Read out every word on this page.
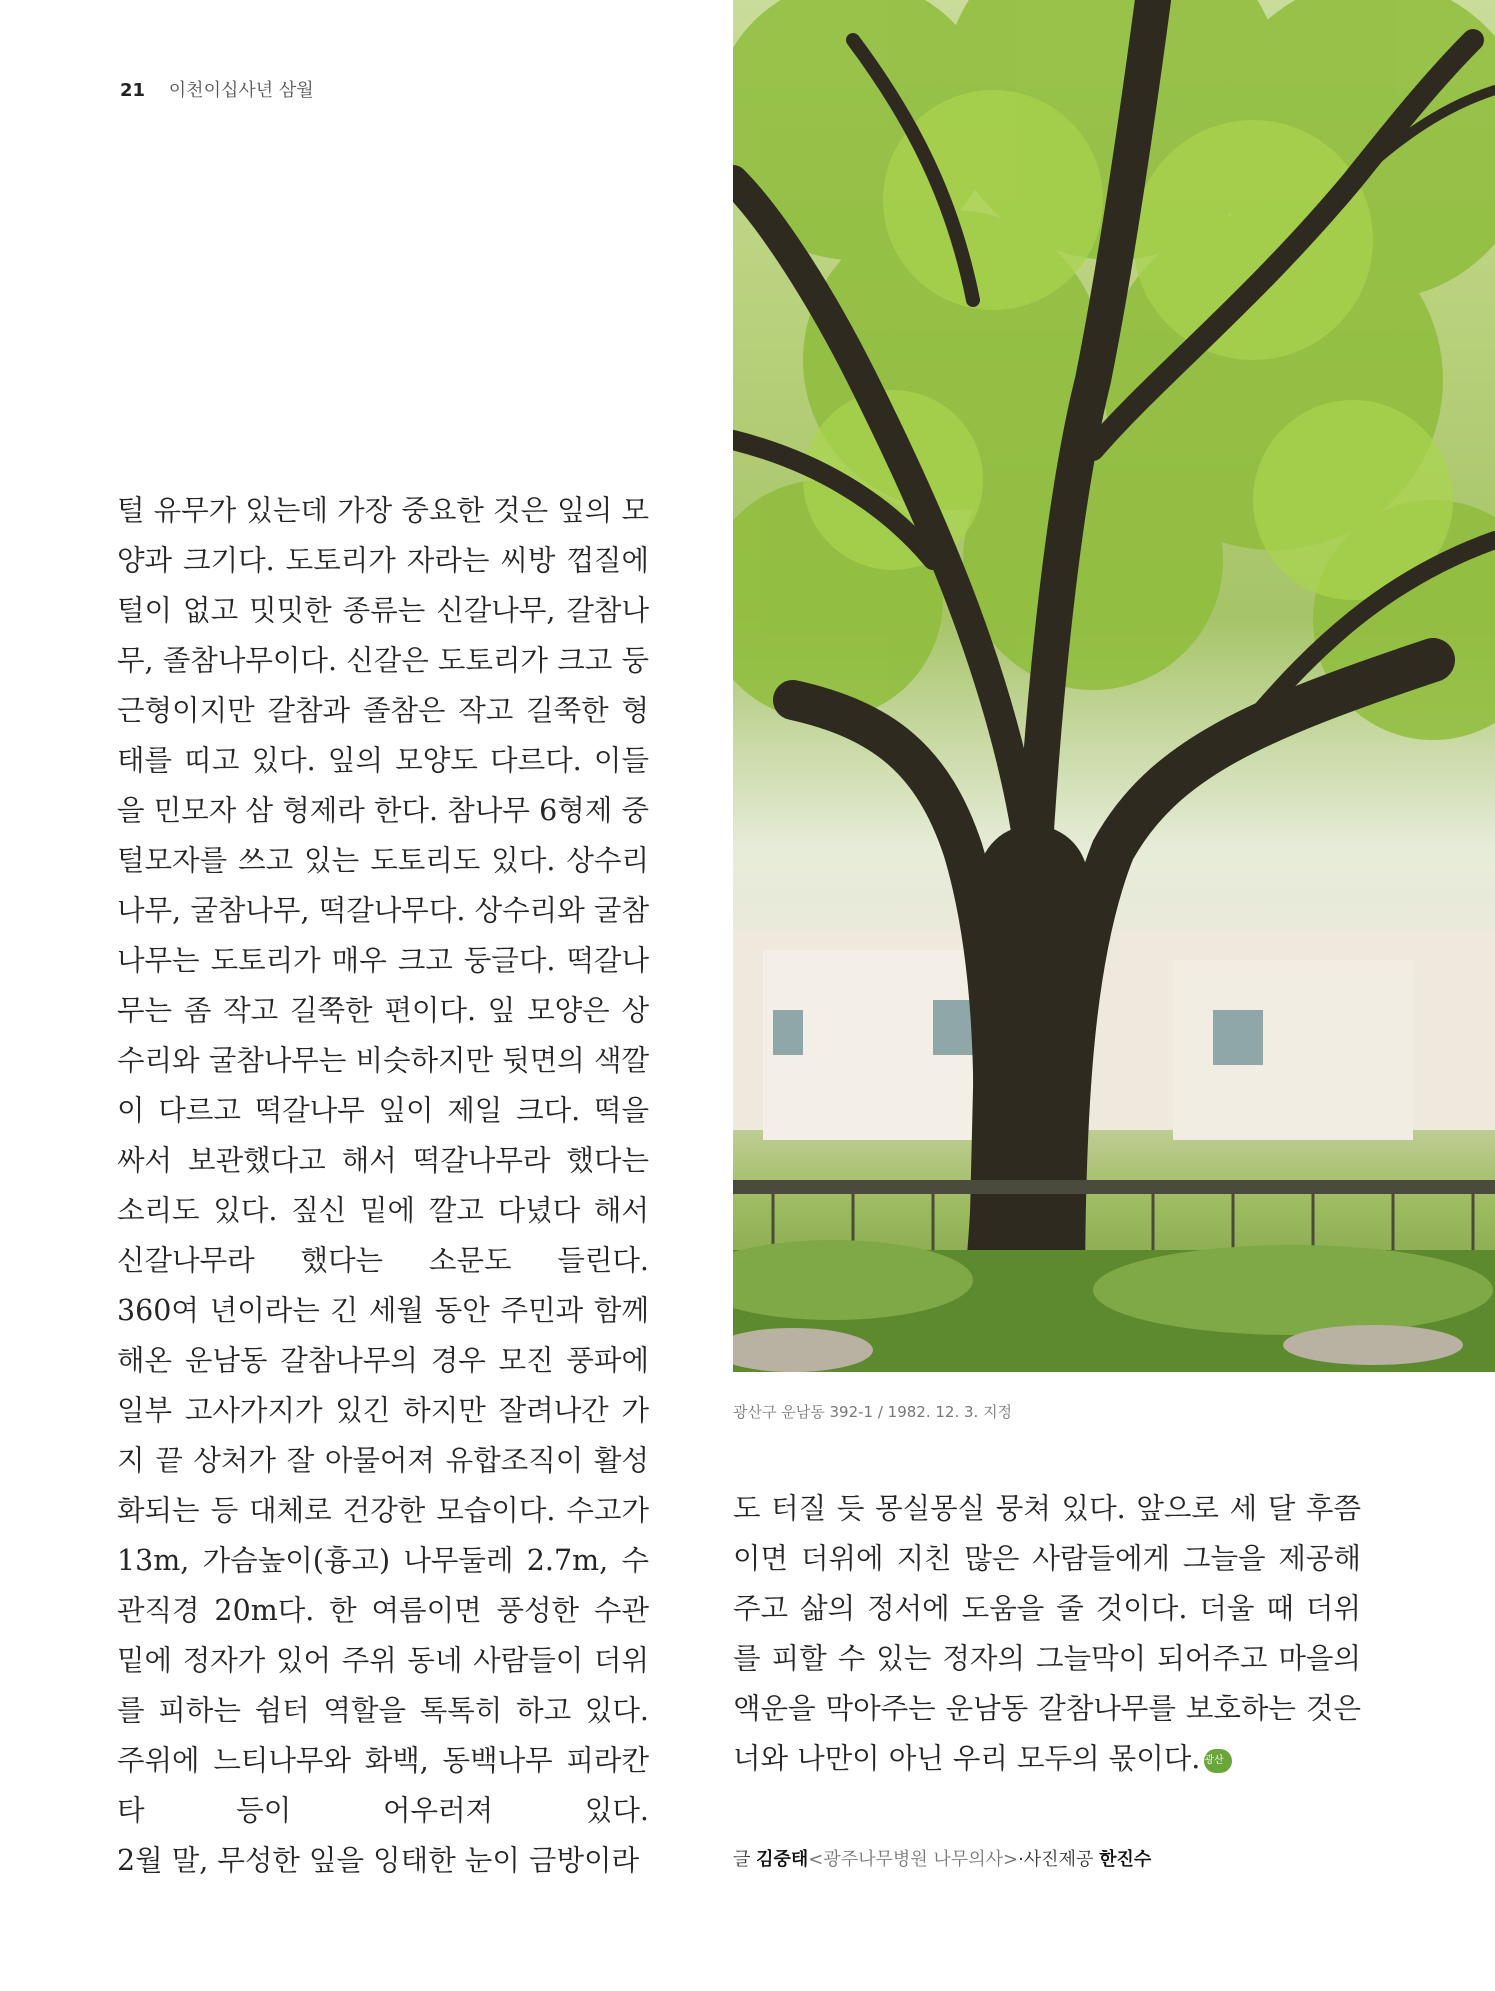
21 이천이십사년 삼월

털 유무가 있는데 가장 중요한 것은 잎의 모양과 크기다. 도토리가 자라는 씨방 껍질에 털이 없고 밋밋한 종류는 신갈나무, 갈참나무, 졸참나무이다. 신갈은 도토리가 크고 둥근형이지만 갈참과 졸참은 작고 길쭉한 형태를 띠고 있다. 잎의 모양도 다르다. 이들을 민모자 삼 형제라 한다. 참나무 6형제 중 털모자를 쓰고 있는 도토리도 있다. 상수리나무, 굴참나무, 떡갈나무다. 상수리와 굴참나무는 도토리가 매우 크고 둥글다. 떡갈나무는 좀 작고 길쭉한 편이다. 잎 모양은 상수리와 굴참나무는 비슷하지만 뒷면의 색깔이 다르고 떡갈나무 잎이 제일 크다. 떡을 싸서 보관했다고 해서 떡갈나무라 했다는 소리도 있다. 짚신 밑에 깔고 다녔다 해서 신갈나무라 했다는 소문도 들린다.

360여 년이라는 긴 세월 동안 주민과 함께 해온 운남동 갈참나무의 경우 모진 풍파에 일부 고사가지가 있긴 하지만 잘려나간 가지 끝 상처가 잘 아물어져 유합조직이 활성화되는 등 대체로 건강한 모습이다. 수고가 13m, 가슴높이(흉고) 나무둘레 2.7m, 수관직경 20m다. 한 여름이면 풍성한 수관 밑에 정자가 있어 주위 동네 사람들이 더위를 피하는 쉼터 역할을 톡톡히 하고 있다. 주위에 느티나무와 화백, 동백나무 피라칸타 등이 어우러져 있다.

2월 말, 무성한 잎을 잉태한 눈이 금방이라

광산구 운남동 392-1 / 1982. 12. 3. 지정

도 터질 듯 몽실몽실 뭉쳐 있다. 앞으로 세 달 후쯤이면 더위에 지친 많은 사람들에게 그늘을 제공해 주고 삶의 정서에 도움을 줄 것이다. 더울 때 더위를 피할 수 있는 정자의 그늘막이 되어주고 마을의 액운을 막아주는 운남동 갈참나무를 보호하는 것은 너와 나만이 아닌 우리 모두의 몫이다. 광산

글 김중태<광주나무병원 나무의사>·사진제공 한진수
